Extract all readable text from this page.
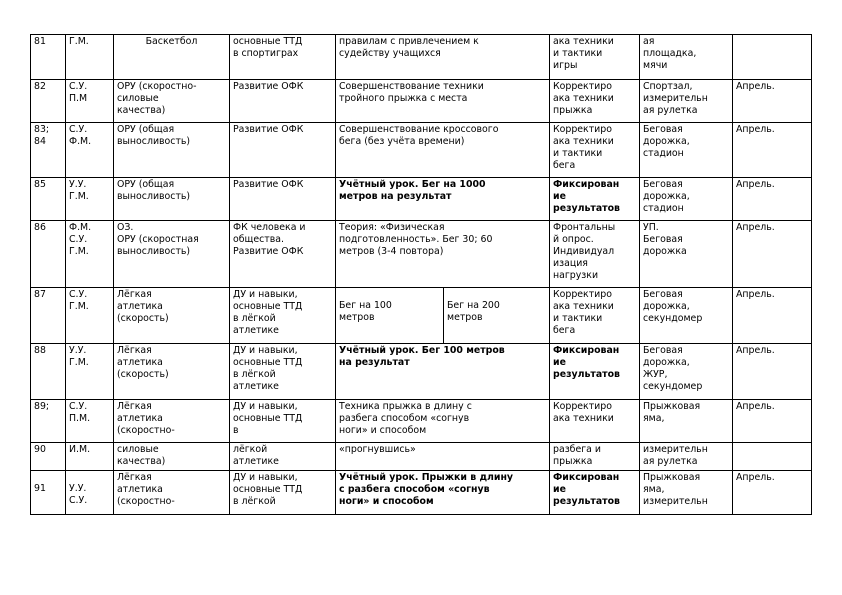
81	Г.М.	Баскетбол	основные ТТД
в спортиграх	правилам с привлечением к
судейству учащихся		ака техники
и тактики
игры	ая
площадка,
мячи	
82	С.У.
П.М	ОРУ (скоростно-
силовые
качества)	Развитие ОФК	Совершенствование техники
тройного прыжка с места		Корректиро
ака техники
прыжка	Спортзал,
измерительн
ая рулетка	Апрель.
83;
84	С.У.
Ф.М.	ОРУ (общая
выносливость)	Развитие ОФК	Совершенствование кроссового
бега (без учёта времени)		Корректиро
ака техники
и тактики
бега	Беговая
дорожка,
стадион	Апрель.
85	У.У.
Г.М.	ОРУ (общая
выносливость)	Развитие ОФК	Учётный урок. Бег на 1000
метров на результат		Фиксирован
ие
результатов	Беговая
дорожка,
стадион	Апрель.
86	Ф.М.
С.У.
Г.М.	ОЗ.
ОРУ (скоростная
выносливость)	ФК человека и
общества.
Развитие ОФК	Теория: «Физическая
подготовленность». Бег 30; 60
метров (3-4 повтора)		Фронтальны
й опрос.
Индивидуал
изация
нагрузки	УП.
Беговая
дорожка	Апрель.
87	С.У.
Г.М.	Лёгкая
атлетика
(скорость)	ДУ и навыки,
основные ТТД
в лёгкой
атлетике	Бег на 100
метров	Бег на 200
метров	Корректиро
ака техники
и тактики
бега	Беговая
дорожка,
секундомер	Апрель.
88	У.У.
Г.М.	Лёгкая
атлетика
(скорость)	ДУ и навыки,
основные ТТД
в лёгкой
атлетике	Учётный урок. Бег 100 метров
на результат		Фиксирован
ие
результатов	Беговая
дорожка,
ЖУР,
секундомер	Апрель.
89;	С.У.
П.М.	Лёгкая
атлетика
(скоростно-	ДУ и навыки,
основные ТТД
в	Техника прыжка в длину с
разбега способом «согнув
ноги» и способом		Корректиро
ака техники	Прыжковая
яма,	Апрель.
90	И.М.	силовые
качества)	лёгкой
атлетике	«прогнувшись»		разбега и
прыжка	измерительн
ая рулетка	
91	У.У.
С.У.	Лёгкая
атлетика
(скоростно-	ДУ и навыки,
основные ТТД
в лёгкой	Учётный урок. Прыжки в длину
с разбега способом «согнув
ноги» и способом		Фиксирован
ие
результатов	Прыжковая
яма,
измерительн	Апрель.
